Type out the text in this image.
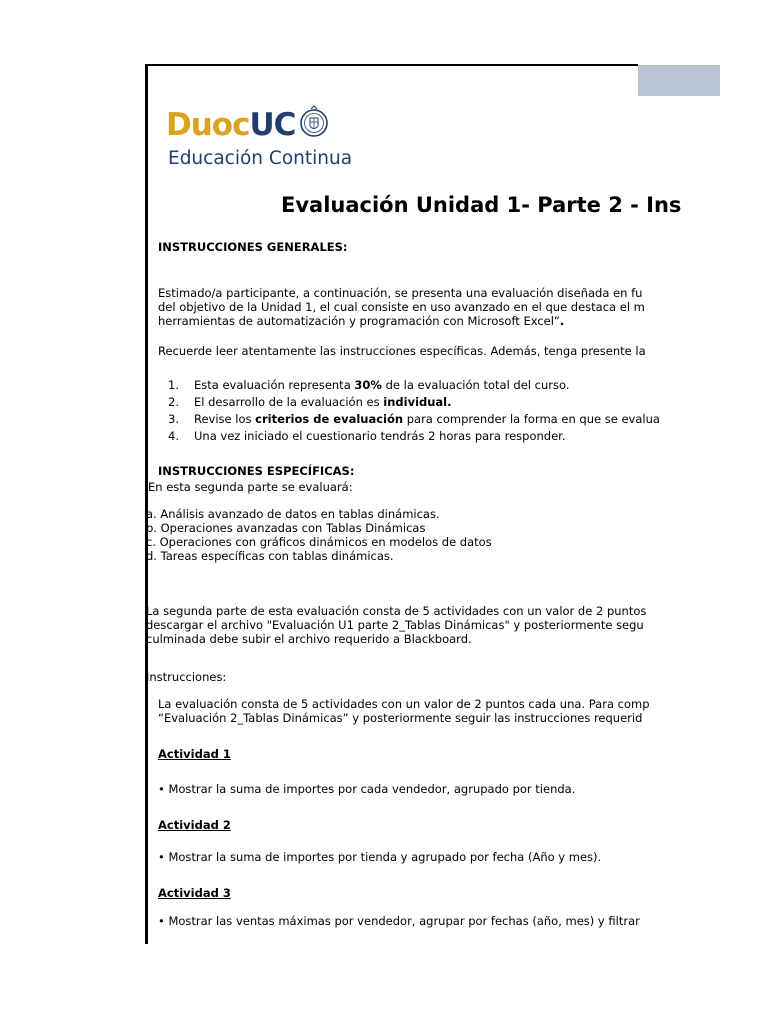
DuocUC
Educación Continua
Evaluación Unidad 1- Parte 2 - Ins
INSTRUCCIONES GENERALES:
Estimado/a participante, a continuación, se presenta una evaluación diseñada en fu
del objetivo de la Unidad 1, el cual consiste en uso avanzado en el que destaca el m
herramientas de automatización y programación con Microsoft Excel”.
Recuerde leer atentamente las instrucciones específicas. Además, tenga presente la
1. Esta evaluación representa 30% de la evaluación total del curso.
2. El desarrollo de la evaluación es individual.
3. Revise los criterios de evaluación para comprender la forma en que se evalua
4. Una vez iniciado el cuestionario tendrás 2 horas para responder.
INSTRUCCIONES ESPECÍFICAS:
En esta segunda parte se evaluará:
a. Análisis avanzado de datos en tablas dinámicas.
b. Operaciones avanzadas con Tablas Dinámicas
c. Operaciones con gráficos dinámicos en modelos de datos
d. Tareas específicas con tablas dinámicas.
La segunda parte de esta evaluación consta de 5 actividades con un valor de 2 puntos
descargar el archivo "Evaluación U1 parte 2_Tablas Dinámicas" y posteriormente segu
culminada debe subir el archivo requerido a Blackboard.
Instrucciones:
La evaluación consta de 5 actividades con un valor de 2 puntos cada una. Para comp
“Evaluación 2_Tablas Dinámicas” y posteriormente seguir las instrucciones requerid
Actividad 1
• Mostrar la suma de importes por cada vendedor, agrupado por tienda.
Actividad 2
• Mostrar la suma de importes por tienda y agrupado por fecha (Año y mes).
Actividad 3
• Mostrar las ventas máximas por vendedor, agrupar por fechas (año, mes) y filtrar
